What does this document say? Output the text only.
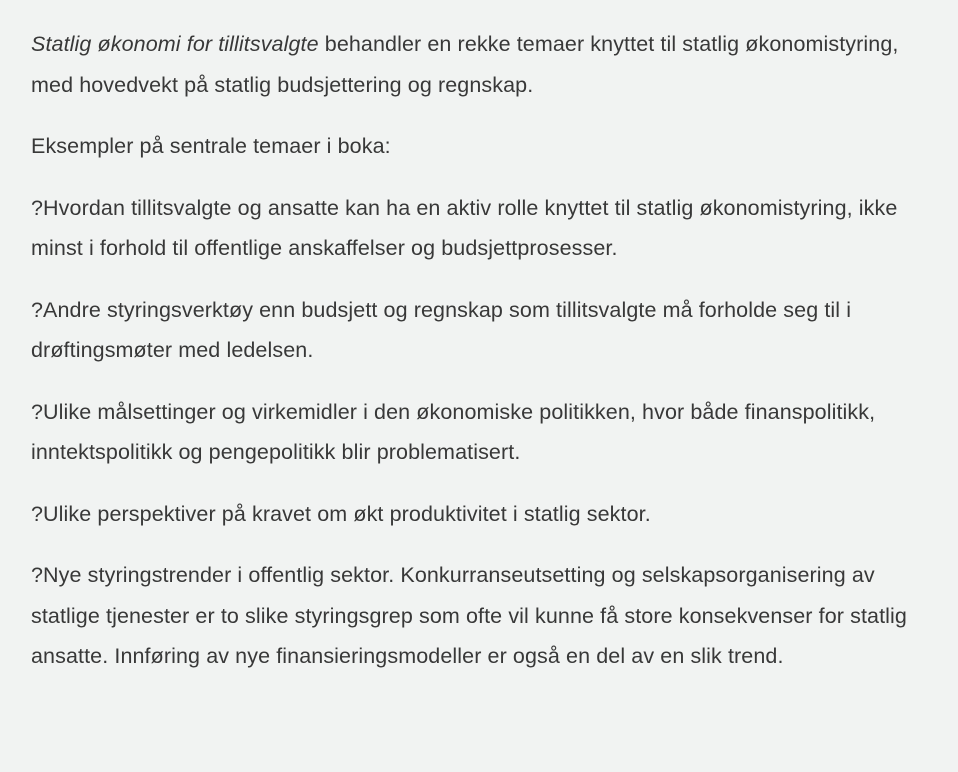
Statlig økonomi for tillitsvalgte behandler en rekke temaer knyttet til statlig økonomistyring, med hovedvekt på statlig budsjettering og regnskap.

Eksempler på sentrale temaer i boka:

?Hvordan tillitsvalgte og ansatte kan ha en aktiv rolle knyttet til statlig økonomistyring, ikke minst i forhold til offentlige anskaffelser og budsjettprosesser.

?Andre styringsverktøy enn budsjett og regnskap som tillitsvalgte må forholde seg til i drøftingsmøter med ledelsen.

?Ulike målsettinger og virkemidler i den økonomiske politikken, hvor både finanspolitikk, inntektspolitikk og pengepolitikk blir problematisert.

?Ulike perspektiver på kravet om økt produktivitet i statlig sektor.

?Nye styringstrender i offentlig sektor. Konkurranseutsetting og selskapsorganisering av statlige tjenester er to slike styringsgrep som ofte vil kunne få store konsekvenser for statlig ansatte. Innføring av nye finansieringsmodeller er også en del av en slik trend.
